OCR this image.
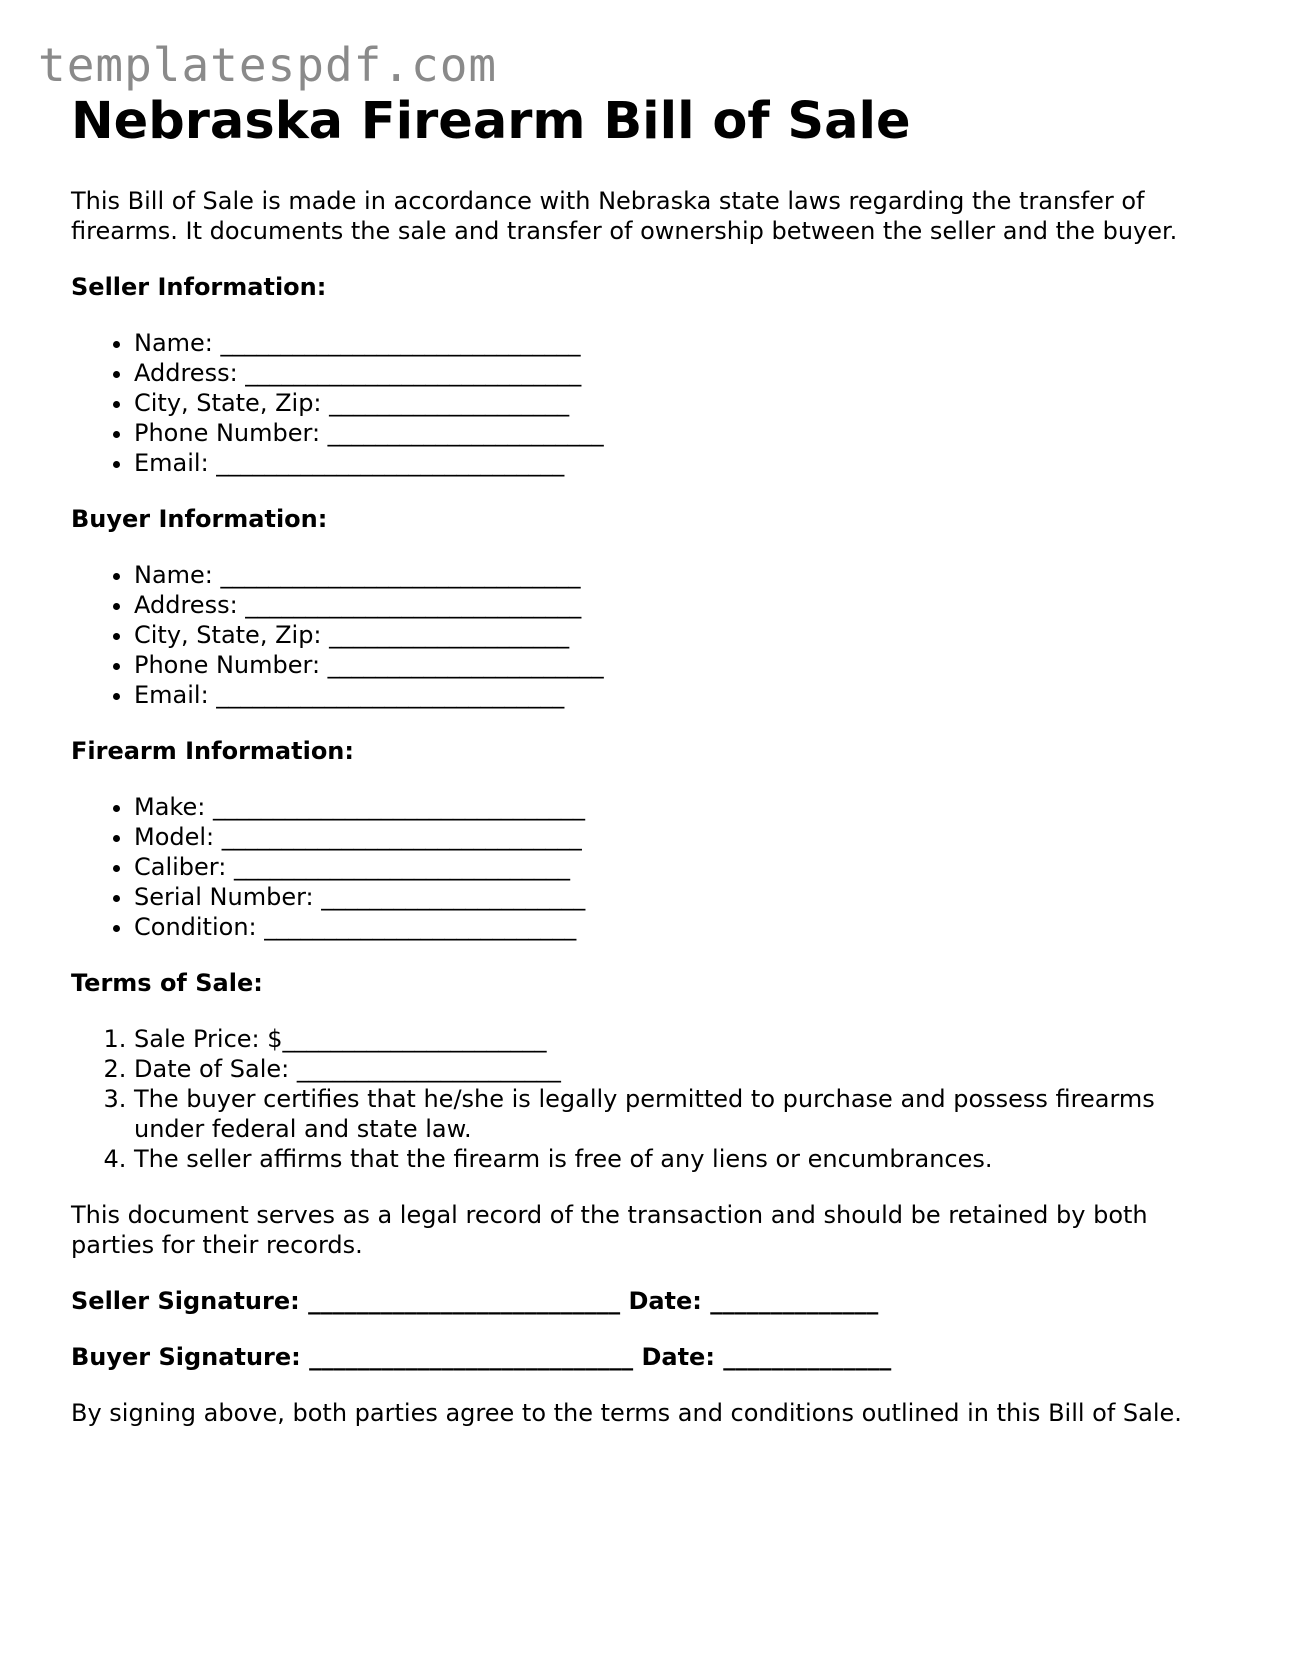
templatespdf.com
Nebraska Firearm Bill of Sale

This Bill of Sale is made in accordance with Nebraska state laws regarding the transfer of firearms. It documents the sale and transfer of ownership between the seller and the buyer.

Seller Information:
• Name: ______________________________
• Address: ____________________________
• City, State, Zip: ____________________
• Phone Number: _______________________
• Email: _____________________________
Buyer Information:
• Name: ______________________________
• Address: ____________________________
• City, State, Zip: ____________________
• Phone Number: _______________________
• Email: _____________________________
Firearm Information:
• Make: _______________________________
• Model: ______________________________
• Caliber: ____________________________
• Serial Number: ______________________
• Condition: __________________________
Terms of Sale:
1. Sale Price: $______________________
2. Date of Sale: ______________________
3. The buyer certifies that he/she is legally permitted to purchase and possess firearms under federal and state law.
4. The seller affirms that the firearm is free of any liens or encumbrances.

This document serves as a legal record of the transaction and should be retained by both parties for their records.

Seller Signature: __________________________ Date: ______________
Buyer Signature: ___________________________ Date: ______________

By signing above, both parties agree to the terms and conditions outlined in this Bill of Sale.
